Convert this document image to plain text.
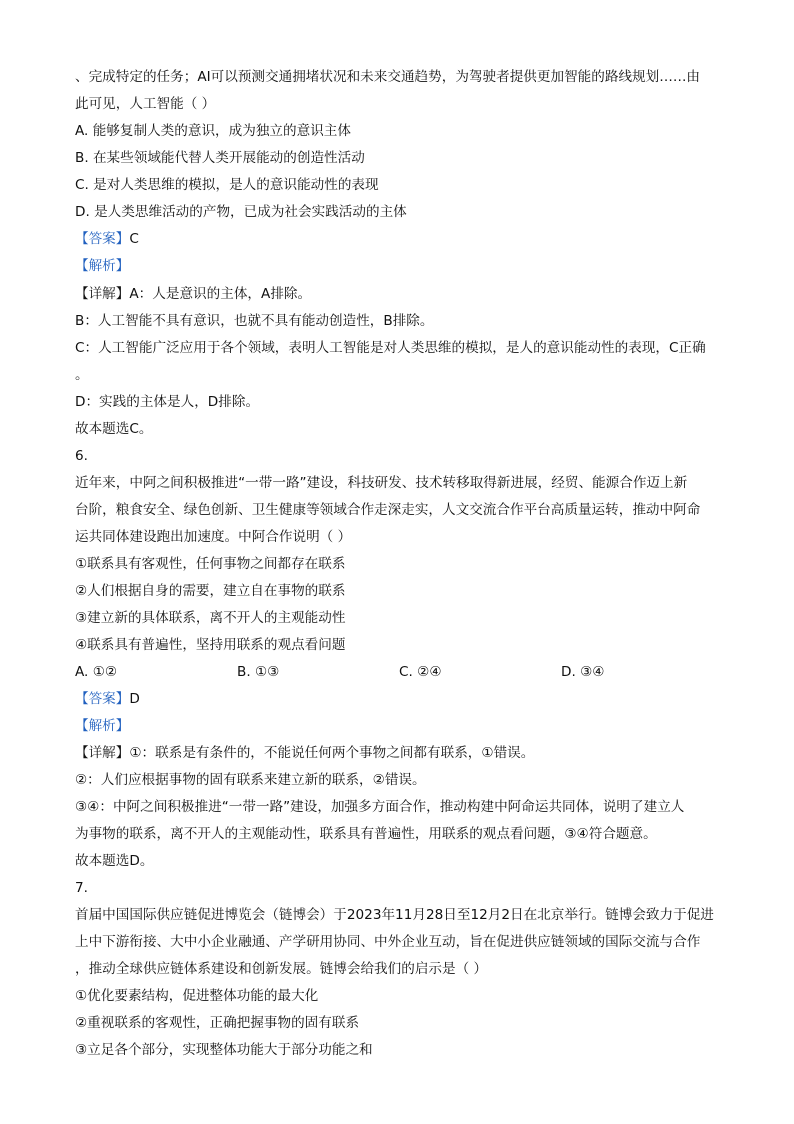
、完成特定的任务；AI可以预测交通拥堵状况和未来交通趋势，为驾驶者提供更加智能的路线规划……由
此可见，人工智能（ ）
A. 能够复制人类的意识，成为独立的意识主体
B. 在某些领域能代替人类开展能动的创造性活动
C. 是对人类思维的模拟，是人的意识能动性的表现
D. 是人类思维活动的产物，已成为社会实践活动的主体
【答案】C
【解析】
【详解】A：人是意识的主体，A排除。
B：人工智能不具有意识，也就不具有能动创造性，B排除。
C：人工智能广泛应用于各个领域，表明人工智能是对人类思维的模拟，是人的意识能动性的表现，C正确
。
D：实践的主体是人，D排除。
故本题选C。
6.
近年来，中阿之间积极推进“一带一路”建设，科技研发、技术转移取得新进展，经贸、能源合作迈上新
台阶，粮食安全、绿色创新、卫生健康等领域合作走深走实，人文交流合作平台高质量运转，推动中阿命
运共同体建设跑出加速度。中阿合作说明（ ）
①联系具有客观性，任何事物之间都存在联系
②人们根据自身的需要，建立自在事物的联系
③建立新的具体联系，离不开人的主观能动性
④联系具有普遍性，坚持用联系的观点看问题
A. ①②	B. ①③	C. ②④	D. ③④
【答案】D
【解析】
【详解】①：联系是有条件的，不能说任何两个事物之间都有联系，①错误。
②：人们应根据事物的固有联系来建立新的联系，②错误。
③④：中阿之间积极推进“一带一路”建设，加强多方面合作，推动构建中阿命运共同体，说明了建立人
为事物的联系，离不开人的主观能动性，联系具有普遍性，用联系的观点看问题，③④符合题意。
故本题选D。
7.
首届中国国际供应链促进博览会（链博会）于2023年11月28日至12月2日在北京举行。链博会致力于促进
上中下游衔接、大中小企业融通、产学研用协同、中外企业互动，旨在促进供应链领域的国际交流与合作
，推动全球供应链体系建设和创新发展。链博会给我们的启示是（ ）
①优化要素结构，促进整体功能的最大化
②重视联系的客观性，正确把握事物的固有联系
③立足各个部分，实现整体功能大于部分功能之和
